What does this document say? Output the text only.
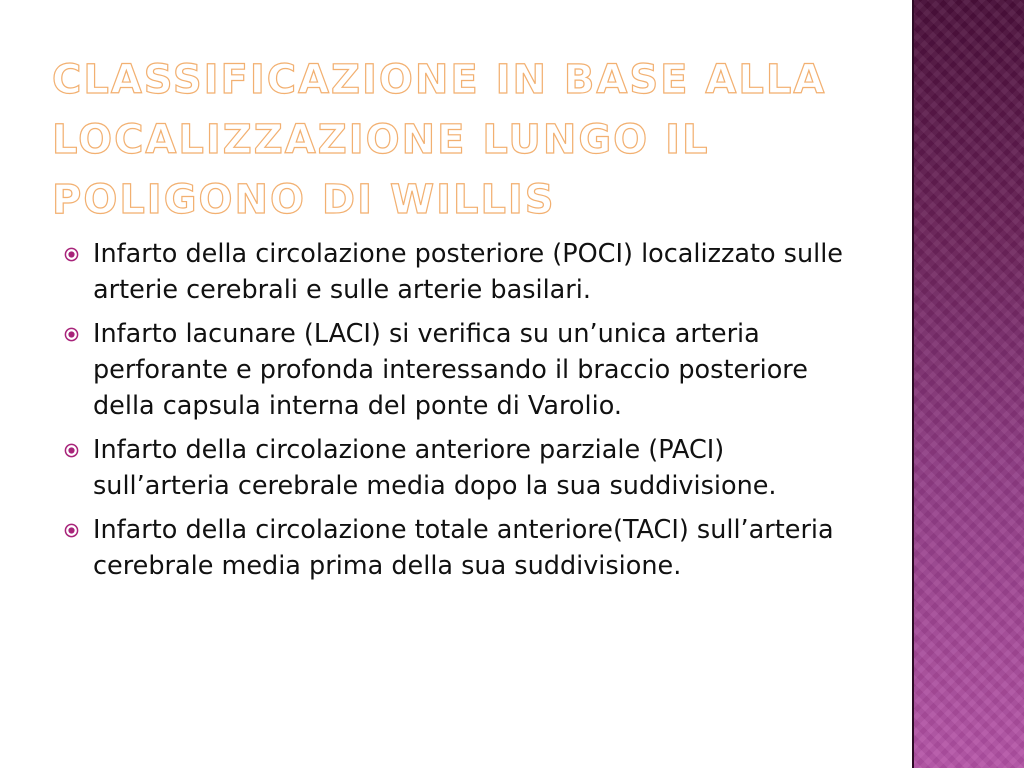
CLASSIFICAZIONE IN BASE ALLA LOCALIZZAZIONE LUNGO IL POLIGONO DI WILLIS
Infarto della circolazione posteriore (POCI) localizzato sulle arterie cerebrali e sulle arterie basilari.
Infarto lacunare (LACI) si verifica su un’unica arteria perforante e profonda interessando il braccio posteriore della capsula interna del ponte di Varolio.
Infarto della circolazione anteriore parziale (PACI) sull’arteria cerebrale media dopo la sua suddivisione.
Infarto della circolazione totale anteriore(TACI) sull’arteria cerebrale media prima della sua suddivisione.
